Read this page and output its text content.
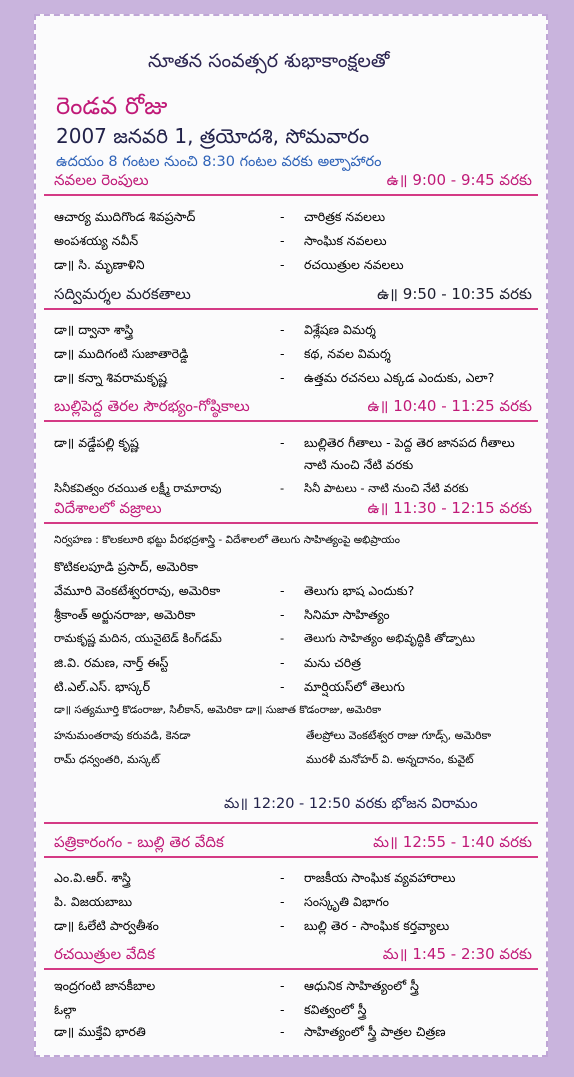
నూతన సంవత్సర శుభాకాంక్షలతో
రెండవ రోజు
2007 జనవరి 1, త్రయోదశి, సోమవారం
ఉదయం 8 గంటల నుంచి 8:30 గంటల వరకు అల్పాహారం
నవలల రెంపులు	ఉ॥ 9:00 - 9:45 వరకు
ఆచార్య ముదిగొండ శివప్రసాద్	- చారిత్రక నవలలు
అంపశయ్య నవీన్	- సాంఘిక నవలలు
డా॥ సి. మృణాళిని	- రచయిత్రుల నవలలు
సద్విమర్శల మరకతాలు	ఉ॥ 9:50 - 10:35 వరకు
డా॥ ద్వానా శాస్త్రి	- విశ్లేషణ విమర్శ
డా॥ ముదిగంటి సుజాతారెడ్డి	- కథ, నవల విమర్శ
డా॥ కన్నా శివరామకృష్ణ	- ఉత్తమ రచనలు ఎక్కడ ఎందుకు, ఎలా?
బుల్లిపెద్ద తెరల సౌరభ్యం-గోష్ఠికాలు	ఉ॥ 10:40 - 11:25 వరకు
డా॥ వడ్డేపల్లి కృష్ణ	- బుల్లితెర గీతాలు - పెద్ద తెర జానపద గీతాలు
నాటి నుంచి నేటి వరకు
సినీకవిత్వం రచయిత లక్ష్మీ రామారావు	- సినీ పాటలు - నాటి నుంచి నేటి వరకు
విదేశాలలో వజ్రాలు	ఉ॥ 11:30 - 12:15 వరకు
నిర్వహణ : కొలకలూరి భట్టు వీరభద్రశాస్త్రి - విదేశాలలో తెలుగు సాహిత్యంపై అభిప్రాయం
కొటికలపూడి ప్రసాద్, అమెరికా
వేమూరి వెంకటేశ్వరరావు, అమెరికా	- తెలుగు భాష ఎందుకు?
శ్రీకాంత్ అర్జునరాజు, అమెరికా	- సినిమా సాహిత్యం
రామకృష్ణ మదిన, యునైటెడ్ కింగ్‌డమ్	- తెలుగు సాహిత్యం అభివృద్ధికి తోడ్పాటు
జి.వి. రమణ, నార్త్ ఈస్ట్	- మను చరిత్ర
టి.ఎల్.ఎస్. భాస్కర్	- మార్షియస్‌లో తెలుగు
డా॥ సత్యమూర్తి కొడంరాజు, సిలీకాన్, అమెరికా డా॥ సుజాత కొడంరాజు, అమెరికా
హనుమంతరావు కరువడి, కెనడా	తేలప్రోలు వెంకటేశ్వర రాజు గూడ్స్, అమెరికా
రామ్ ధన్వంతరి, మస్కట్	మురళీ మనోహర్ వి. అన్నదానం, కువైట్
మ॥ 12:20 - 12:50 వరకు భోజన విరామం
పత్రికారంగం - బుల్లి తెర వేదిక	మ॥ 12:55 - 1:40 వరకు
ఎం.వి.ఆర్. శాస్త్రి	- రాజకీయ సాంఘిక వ్యవహారాలు
పి. విజయబాబు	- సంస్కృతి విభాగం
డా॥ ఓలేటి పార్వతీశం	- బుల్లి తెర - సాంఘిక కర్తవ్యాలు
రచయిత్రుల వేదిక	మ॥ 1:45 - 2:30 వరకు
ఇంద్రగంటి జానకీబాల	- ఆధునిక సాహిత్యంలో స్త్రీ
ఓల్గా	- కవిత్వంలో స్త్రీ
డా॥ ముక్తేవి భారతి	- సాహిత్యంలో స్త్రీ పాత్రల చిత్రణ
